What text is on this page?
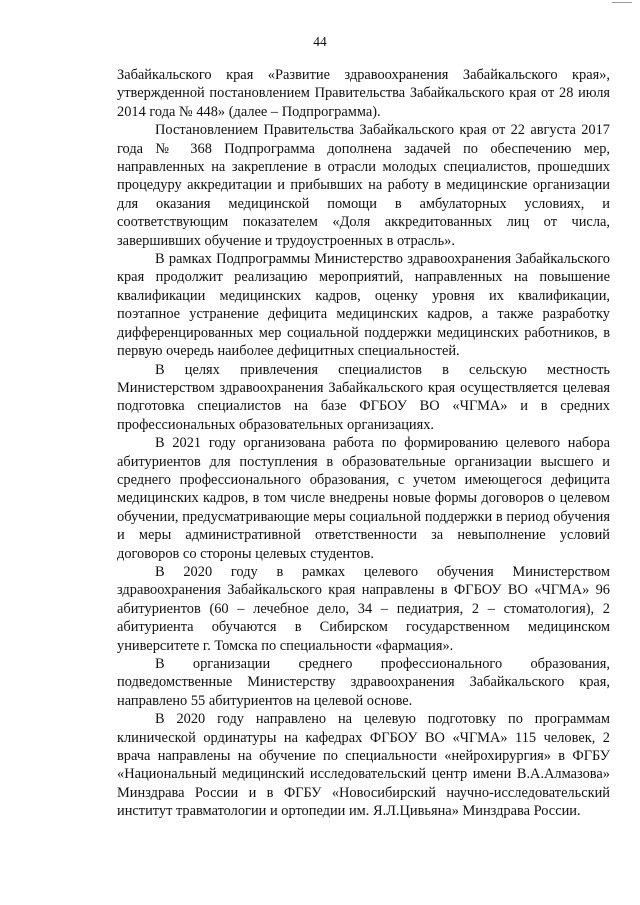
44

Забайкальского края «Развитие здравоохранения Забайкальского края», утвержденной постановлением Правительства Забайкальского края от 28 июля 2014 года № 448» (далее – Подпрограмма).

Постановлением Правительства Забайкальского края от 22 августа 2017 года № 368 Подпрограмма дополнена задачей по обеспечению мер, направленных на закрепление в отрасли молодых специалистов, прошедших процедуру аккредитации и прибывших на работу в медицинские организации для оказания медицинской помощи в амбулаторных условиях, и соответствующим показателем «Доля аккредитованных лиц от числа, завершивших обучение и трудоустроенных в отрасль».

В рамках Подпрограммы Министерство здравоохранения Забайкальского края продолжит реализацию мероприятий, направленных на повышение квалификации медицинских кадров, оценку уровня их квалификации, поэтапное устранение дефицита медицинских кадров, а также разработку дифференцированных мер социальной поддержки медицинских работников, в первую очередь наиболее дефицитных специальностей.

В целях привлечения специалистов в сельскую местность Министерством здравоохранения Забайкальского края осуществляется целевая подготовка специалистов на базе ФГБОУ ВО «ЧГМА» и в средних профессиональных образовательных организациях.

В 2021 году организована работа по формированию целевого набора абитуриентов для поступления в образовательные организации высшего и среднего профессионального образования, с учетом имеющегося дефицита медицинских кадров, в том числе внедрены новые формы договоров о целевом обучении, предусматривающие меры социальной поддержки в период обучения и меры административной ответственности за невыполнение условий договоров со стороны целевых студентов.

В 2020 году в рамках целевого обучения Министерством здравоохранения Забайкальского края направлены в ФГБОУ ВО «ЧГМА» 96 абитуриентов (60 – лечебное дело, 34 – педиатрия, 2 – стоматология), 2 абитуриента обучаются в Сибирском государственном медицинском университете г. Томска по специальности «фармация».

В организации среднего профессионального образования, подведомственные Министерству здравоохранения Забайкальского края, направлено 55 абитуриентов на целевой основе.

В 2020 году направлено на целевую подготовку по программам клинической ординатуры на кафедрах ФГБОУ ВО «ЧГМА» 115 человек, 2 врача направлены на обучение по специальности «нейрохирургия» в ФГБУ «Национальный медицинский исследовательский центр имени В.А.Алмазова» Минздрава России и в ФГБУ «Новосибирский научно-исследовательский институт травматологии и ортопедии им. Я.Л.Цивьяна» Минздрава России.
